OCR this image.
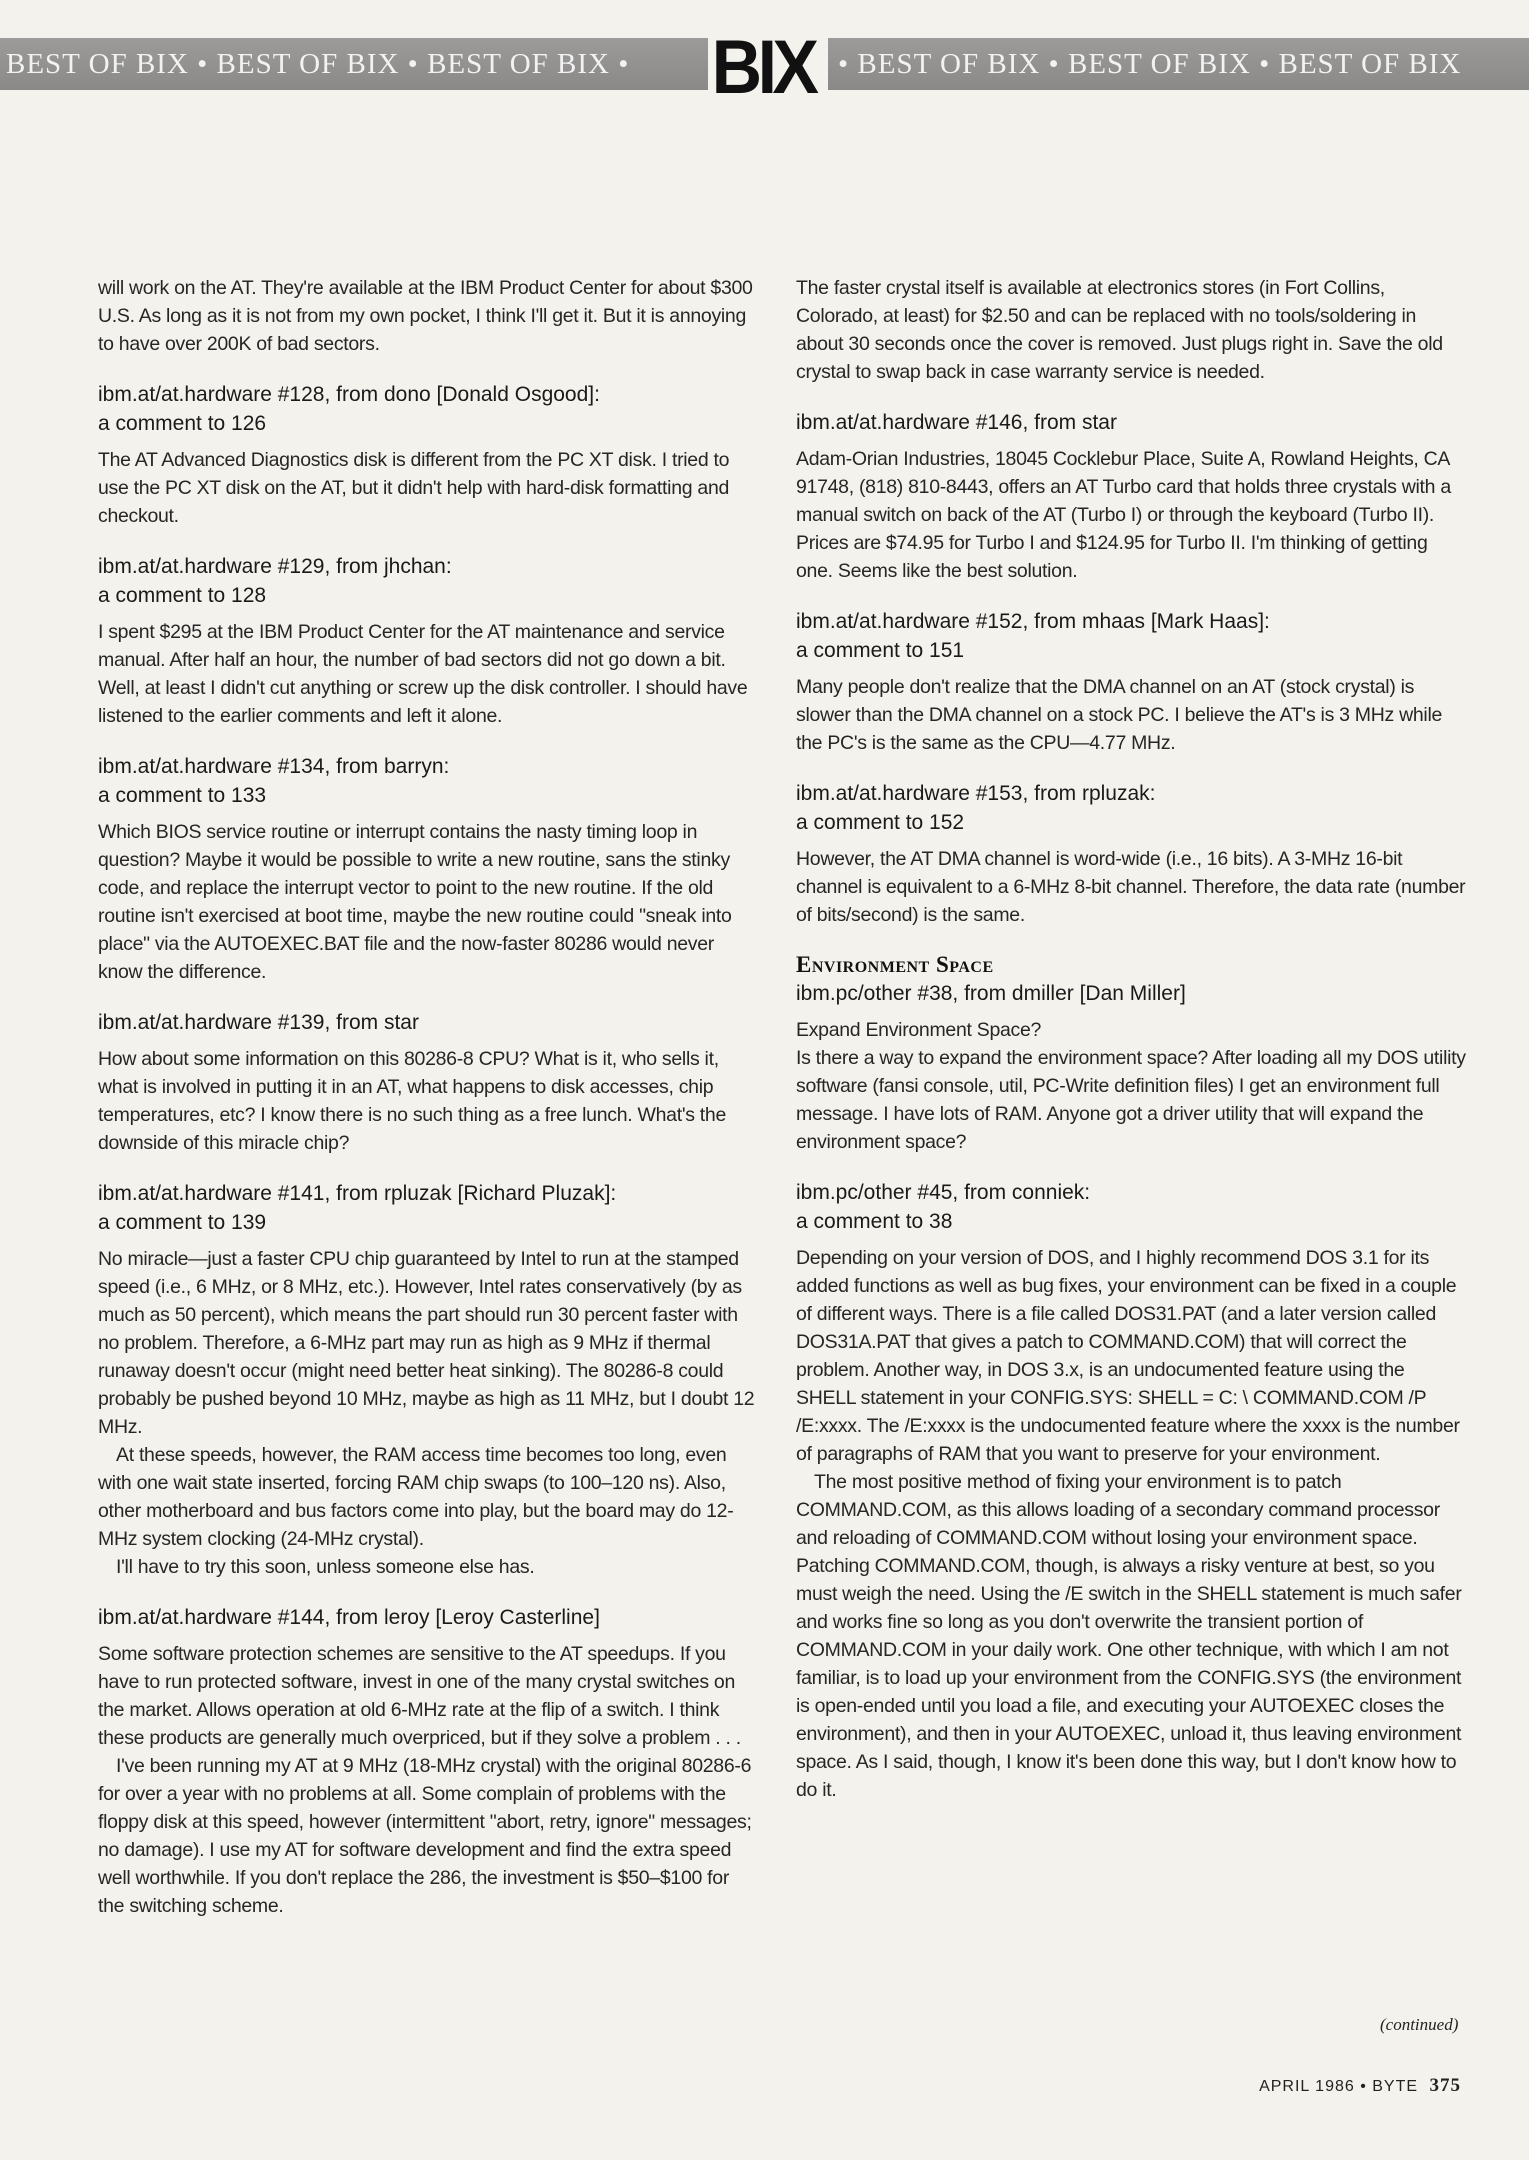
BEST OF BIX • BEST OF BIX • BEST OF BIX •	• BEST OF BIX • BEST OF BIX • BEST OF BIX
BIX

will work on the AT. They're available at the IBM Product Center for about $300 U.S. As long as it is not from my own pocket, I think I'll get it. But it is annoying to have over 200K of bad sectors.

ibm.at/at.hardware #128, from dono [Donald Osgood]:
a comment to 126

The AT Advanced Diagnostics disk is different from the PC XT disk. I tried to use the PC XT disk on the AT, but it didn't help with hard-disk formatting and checkout.

ibm.at/at.hardware #129, from jhchan:
a comment to 128

I spent $295 at the IBM Product Center for the AT maintenance and service manual. After half an hour, the number of bad sectors did not go down a bit. Well, at least I didn't cut anything or screw up the disk controller. I should have listened to the earlier comments and left it alone.

ibm.at/at.hardware #134, from barryn:
a comment to 133

Which BIOS service routine or interrupt contains the nasty timing loop in question? Maybe it would be possible to write a new routine, sans the stinky code, and replace the interrupt vector to point to the new routine. If the old routine isn't exercised at boot time, maybe the new routine could "sneak into place" via the AUTOEXEC.BAT file and the now-faster 80286 would never know the difference.

ibm.at/at.hardware #139, from star

How about some information on this 80286-8 CPU? What is it, who sells it, what is involved in putting it in an AT, what happens to disk accesses, chip temperatures, etc? I know there is no such thing as a free lunch. What's the downside of this miracle chip?

ibm.at/at.hardware #141, from rpluzak [Richard Pluzak]:
a comment to 139

No miracle—just a faster CPU chip guaranteed by Intel to run at the stamped speed (i.e., 6 MHz, or 8 MHz, etc.). However, Intel rates conservatively (by as much as 50 percent), which means the part should run 30 percent faster with no problem. Therefore, a 6-MHz part may run as high as 9 MHz if thermal runaway doesn't occur (might need better heat sinking). The 80286-8 could probably be pushed beyond 10 MHz, maybe as high as 11 MHz, but I doubt 12 MHz.

At these speeds, however, the RAM access time becomes too long, even with one wait state inserted, forcing RAM chip swaps (to 100–120 ns). Also, other motherboard and bus factors come into play, but the board may do 12-MHz system clocking (24-MHz crystal).

I'll have to try this soon, unless someone else has.

ibm.at/at.hardware #144, from leroy [Leroy Casterline]

Some software protection schemes are sensitive to the AT speedups. If you have to run protected software, invest in one of the many crystal switches on the market. Allows operation at old 6-MHz rate at the flip of a switch. I think these products are generally much overpriced, but if they solve a problem . . .

I've been running my AT at 9 MHz (18-MHz crystal) with the original 80286-6 for over a year with no problems at all. Some complain of problems with the floppy disk at this speed, however (intermittent "abort, retry, ignore" messages; no damage). I use my AT for software development and find the extra speed well worthwhile. If you don't replace the 286, the investment is $50–$100 for the switching scheme.

The faster crystal itself is available at electronics stores (in Fort Collins, Colorado, at least) for $2.50 and can be replaced with no tools/soldering in about 30 seconds once the cover is removed. Just plugs right in. Save the old crystal to swap back in case warranty service is needed.

ibm.at/at.hardware #146, from star

Adam-Orian Industries, 18045 Cocklebur Place, Suite A, Rowland Heights, CA 91748, (818) 810-8443, offers an AT Turbo card that holds three crystals with a manual switch on back of the AT (Turbo I) or through the keyboard (Turbo II). Prices are $74.95 for Turbo I and $124.95 for Turbo II. I'm thinking of getting one. Seems like the best solution.

ibm.at/at.hardware #152, from mhaas [Mark Haas]:
a comment to 151

Many people don't realize that the DMA channel on an AT (stock crystal) is slower than the DMA channel on a stock PC. I believe the AT's is 3 MHz while the PC's is the same as the CPU—4.77 MHz.

ibm.at/at.hardware #153, from rpluzak:
a comment to 152

However, the AT DMA channel is word-wide (i.e., 16 bits). A 3-MHz 16-bit channel is equivalent to a 6-MHz 8-bit channel. Therefore, the data rate (number of bits/second) is the same.

Environment Space
ibm.pc/other #38, from dmiller [Dan Miller]

Expand Environment Space?

Is there a way to expand the environment space? After loading all my DOS utility software (fansi console, util, PC-Write definition files) I get an environment full message. I have lots of RAM. Anyone got a driver utility that will expand the environment space?

ibm.pc/other #45, from conniek:
a comment to 38

Depending on your version of DOS, and I highly recommend DOS 3.1 for its added functions as well as bug fixes, your environment can be fixed in a couple of different ways. There is a file called DOS31.PAT (and a later version called DOS31A.PAT that gives a patch to COMMAND.COM) that will correct the problem. Another way, in DOS 3.x, is an undocumented feature using the SHELL statement in your CONFIG.SYS: SHELL = C: \ COMMAND.COM /P /E:xxxx. The /E:xxxx is the undocumented feature where the xxxx is the number of paragraphs of RAM that you want to preserve for your environment.

The most positive method of fixing your environment is to patch COMMAND.COM, as this allows loading of a secondary command processor and reloading of COMMAND.COM without losing your environment space. Patching COMMAND.COM, though, is always a risky venture at best, so you must weigh the need. Using the /E switch in the SHELL statement is much safer and works fine so long as you don't overwrite the transient portion of COMMAND.COM in your daily work. One other technique, with which I am not familiar, is to load up your environment from the CONFIG.SYS (the environment is open-ended until you load a file, and executing your AUTOEXEC closes the environment), and then in your AUTOEXEC, unload it, thus leaving environment space. As I said, though, I know it's been done this way, but I don't know how to do it.

(continued)
APRIL 1986 • BYTE 375
